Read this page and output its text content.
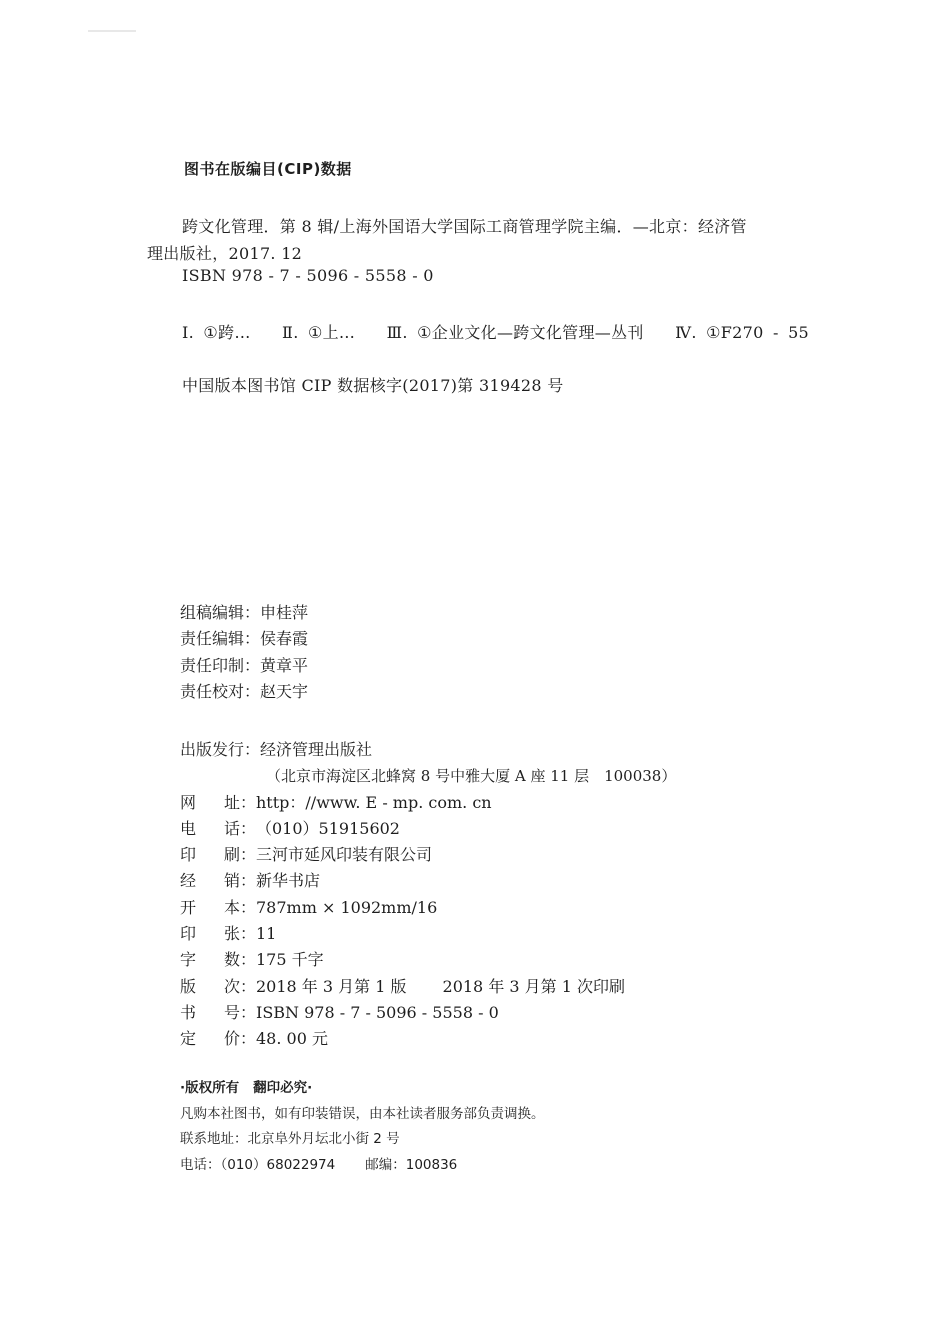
图书在版编目(CIP)数据
跨文化管理．第 8 辑/上海外国语大学国际工商管理学院主编．—北京：经济管
理出版社，2017. 12
ISBN 978 - 7 - 5096 - 5558 - 0
Ⅰ. ①跨… Ⅱ. ①上… Ⅲ. ①企业文化—跨文化管理—丛刊 Ⅳ. ①F270 - 55
中国版本图书馆 CIP 数据核字(2017)第 319428 号
组稿编辑：申桂萍
责任编辑：侯春霞
责任印制：黄章平
责任校对：赵天宇
出版发行：经济管理出版社
（北京市海淀区北蜂窝 8 号中雅大厦 A 座 11 层　100038）
网 址： http：//www. E - mp. com. cn
电 话： （010）51915602
印 刷： 三河市延风印装有限公司
经 销： 新华书店
开 本： 787mm × 1092mm/16
印 张： 11
字 数： 175 千字
版 次： 2018 年 3 月第 1 版 2018 年 3 月第 1 次印刷
书 号： ISBN 978 - 7 - 5096 - 5558 - 0
定 价： 48. 00 元
·版权所有 翻印必究·
凡购本社图书，如有印装错误，由本社读者服务部负责调换。
联系地址：北京阜外月坛北小街 2 号
电话：（010）68022974 邮编：100836
